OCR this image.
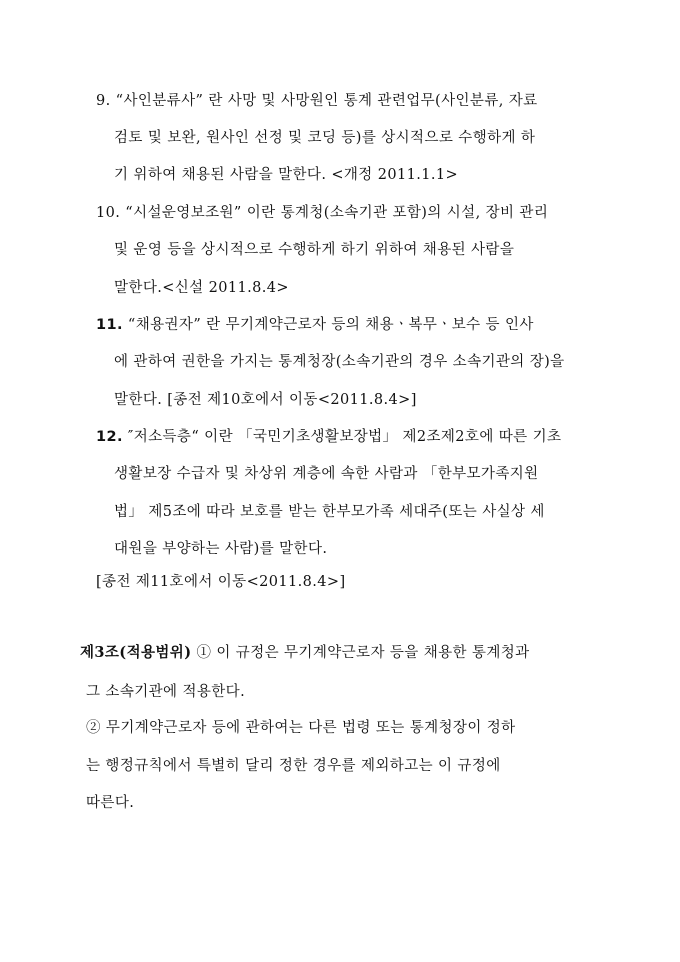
9. “사인분류사” 란 사망 및 사망원인 통계 관련업무(사인분류, 자료
검토 및 보완, 원사인 선정 및 코딩 등)를 상시적으로 수행하게 하
기 위하여 채용된 사람을 말한다. <개정 2011.1.1>
10. “시설운영보조원” 이란 통계청(소속기관 포함)의 시설, 장비 관리
및 운영 등을 상시적으로 수행하게 하기 위하여 채용된 사람을
말한다.<신설 2011.8.4>
11. “채용권자” 란 무기계약근로자 등의 채용ㆍ복무ㆍ보수 등 인사
에 관하여 권한을 가지는 통계청장(소속기관의 경우 소속기관의 장)을
말한다. [종전 제10호에서 이동<2011.8.4>]
12. ″저소득층“ 이란 「국민기초생활보장법」 제2조제2호에 따른 기초
생활보장 수급자 및 차상위 계층에 속한 사람과 「한부모가족지원
법」 제5조에 따라 보호를 받는 한부모가족 세대주(또는 사실상 세
대원을 부양하는 사람)를 말한다.
[종전 제11호에서 이동<2011.8.4>]
제3조(적용범위) ① 이 규정은 무기계약근로자 등을 채용한 통계청과
그 소속기관에 적용한다.
② 무기계약근로자 등에 관하여는 다른 법령 또는 통계청장이 정하
는 행정규칙에서 특별히 달리 정한 경우를 제외하고는 이 규정에
따른다.
